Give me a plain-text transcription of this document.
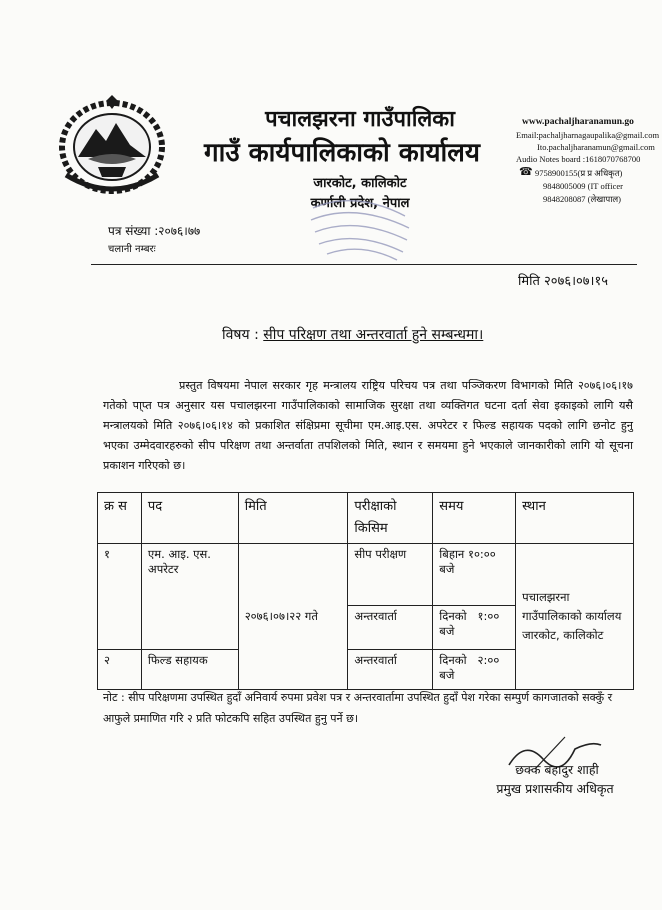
पचालझरना गाउँपालिका
गाउँ कार्यपालिकाको कार्यालय
जारकोट, कालिकोट
कर्णाली प्रदेश, नेपाल
www.pachaljharanamun.go
Email:pachaljharnagaupalika@gmail.com
Ito.pachaljharanamun@gmail.com
Audio Notes board :1618070768700
☎ 9758900155(प्र प्र अधिकृत)
9848005009 (IT officer
9848208087 (लेखापाल)
पत्र संख्या :२०७६।७७
चलानी नम्बरः
मिति २०७६।०७।१५
विषय : सीप परिक्षण तथा अन्तरवार्ता हुने सम्बन्धमा।
प्रस्तुत विषयमा नेपाल सरकार गृह मन्त्रालय राष्ट्रिय परिचय पत्र तथा पञ्जिकरण विभागको मिति २०७६।०६।१७ गतेको पा्प्त पत्र अनुसार यस पचालझरना गाउँपालिकाको सामाजिक सुरक्षा तथा व्यक्तिगत घटना दर्ता सेवा इकाइको लागि यसै मन्त्रालयको मिति २०७६।०६।१४ को प्रकाशित संक्षिप्रमा सूचीमा एम.आइ.एस. अपरेटर र फिल्ड सहायक पदको लागि छनोट हुनु भएका उम्मेदवारहरुको सीप परिक्षण तथा अन्तर्वाता तपशिलको मिति, स्थान र समयमा हुने भएकाले जानकारीको लागि यो सूचना प्रकाशन गरिएको छ।
क्र स	पद	मिति	परीक्षाको किसिम	समय	स्थान
१	एम. आइ. एस. अपरेटर	२०७६।०७।२२ गते	सीप परीक्षण	बिहान १०:०० बजे	पचालझरना गाउँपालिकाको कार्यालय जारकोट, कालिकोट
			अन्तरवार्ता	दिनको   १:०० बजे	
२	फिल्ड सहायक		अन्तरवार्ता	दिनको   २:०० बजे	
नोट : सीप परिक्षणमा उपस्थित हुदाँ अनिवार्य रुपमा प्रवेश पत्र र अन्तरवार्तामा उपस्थित हुदाँ पेश गरेका सम्पुर्ण कागजातको सक्कुँ र आफुले प्रमाणित गरि २ प्रति फोटकपि सहित उपस्थित हुनु पर्ने छ।
छक्क बहादुर शाही
प्रमुख प्रशासकीय अधिकृत
